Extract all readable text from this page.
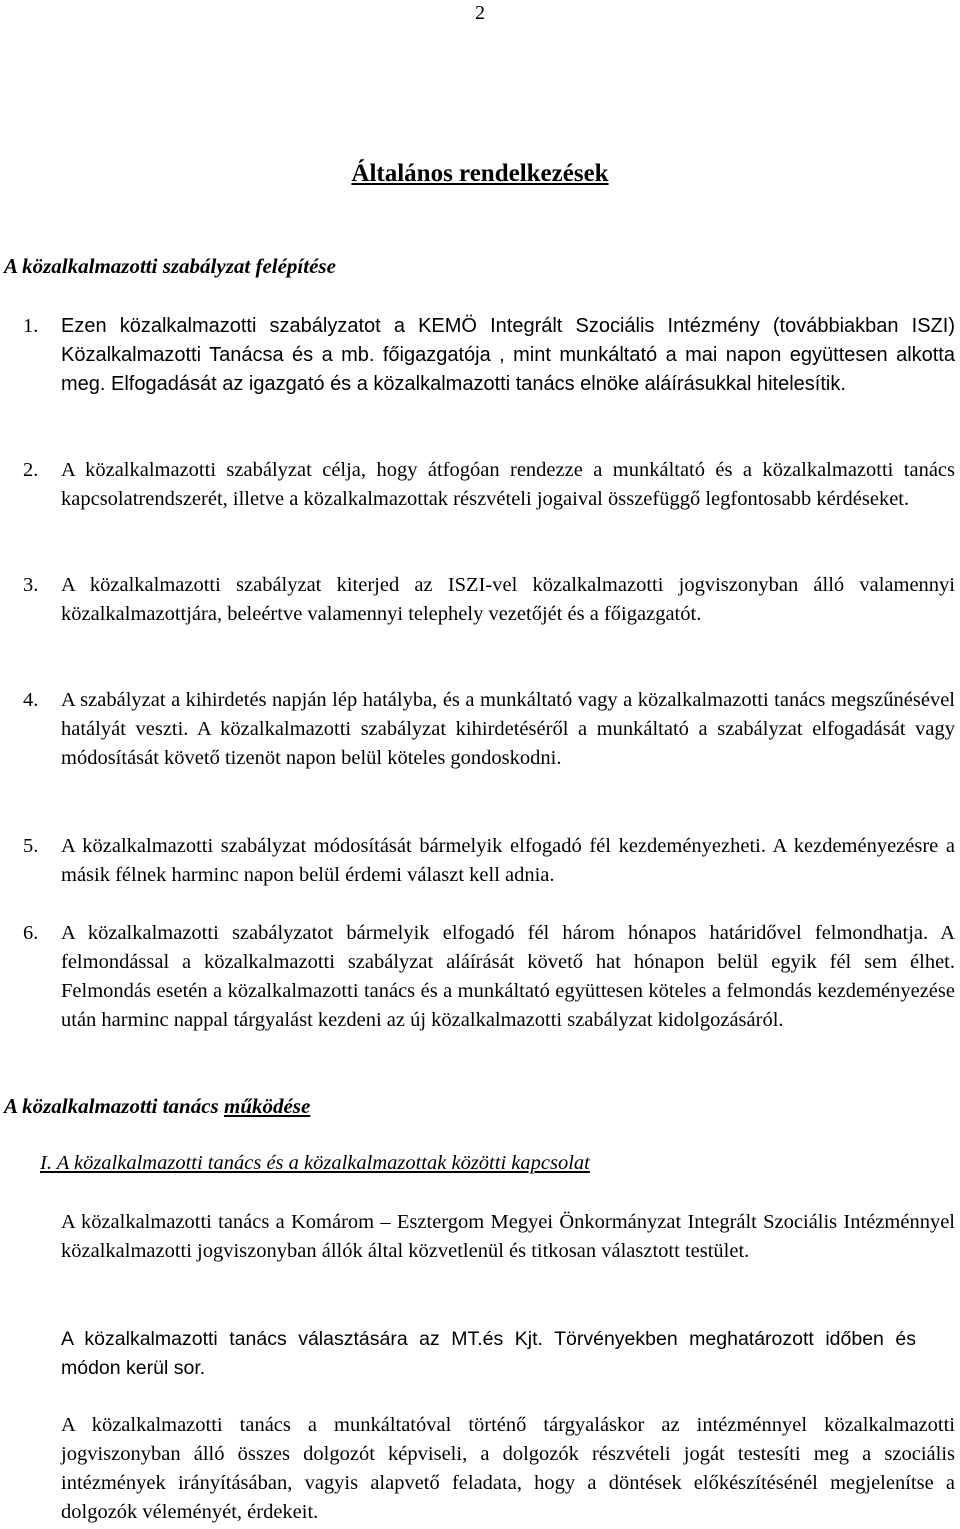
2
Általános rendelkezések
A közalkalmazotti szabályzat felépítése
1. Ezen közalkalmazotti szabályzatot a KEMÖ Integrált Szociális Intézmény (továbbiakban ISZI) Közalkalmazotti Tanácsa és a mb. főigazgatója , mint munkáltató a mai napon együttesen alkotta meg. Elfogadását az igazgató és a közalkalmazotti tanács elnöke aláírásukkal hitelesítik.
2. A közalkalmazotti szabályzat célja, hogy átfogóan rendezze a munkáltató és a közalkalmazotti tanács kapcsolatrendszerét, illetve a közalkalmazottak részvételi jogaival összefüggő legfontosabb kérdéseket.
3. A közalkalmazotti szabályzat kiterjed az ISZI-vel közalkalmazotti jogviszonyban álló valamennyi közalkalmazottjára, beleértve valamennyi telephely vezetőjét és a főigazgatót.
4. A szabályzat a kihirdetés napján lép hatályba, és a munkáltató vagy a közalkalmazotti tanács megszűnésével hatályát veszti. A közalkalmazotti szabályzat kihirdetéséről a munkáltató a szabályzat elfogadását vagy módosítását követő tizenöt napon belül köteles gondoskodni.
5. A közalkalmazotti szabályzat módosítását bármelyik elfogadó fél kezdeményezheti. A kezdeményezésre a másik félnek harminc napon belül érdemi választ kell adnia.
6. A közalkalmazotti szabályzatot bármelyik elfogadó fél három hónapos határidővel felmondhatja. A felmondással a közalkalmazotti szabályzat aláírását követő hat hónapon belül egyik fél sem élhet. Felmondás esetén a közalkalmazotti tanács és a munkáltató együttesen köteles a felmondás kezdeményezése után harminc nappal tárgyalást kezdeni az új közalkalmazotti szabályzat kidolgozásáról.
A közalkalmazotti tanács működése
I. A közalkalmazotti tanács és a közalkalmazottak közötti kapcsolat
A közalkalmazotti tanács a Komárom – Esztergom Megyei Önkormányzat Integrált Szociális Intézménnyel közalkalmazotti jogviszonyban állók által közvetlenül és titkosan választott testület.
A közalkalmazotti tanács választására az MT.és Kjt. Törvényekben meghatározott időben és módon kerül sor.
A közalkalmazotti tanács a munkáltatóval történő tárgyaláskor az intézménnyel közalkalmazotti jogviszonyban álló összes dolgozót képviseli, a dolgozók részvételi jogát testesíti meg a szociális intézmények irányításában, vagyis alapvető feladata, hogy a döntések előkészítésénél megjelenítse a dolgozók véleményét, érdekeit.
